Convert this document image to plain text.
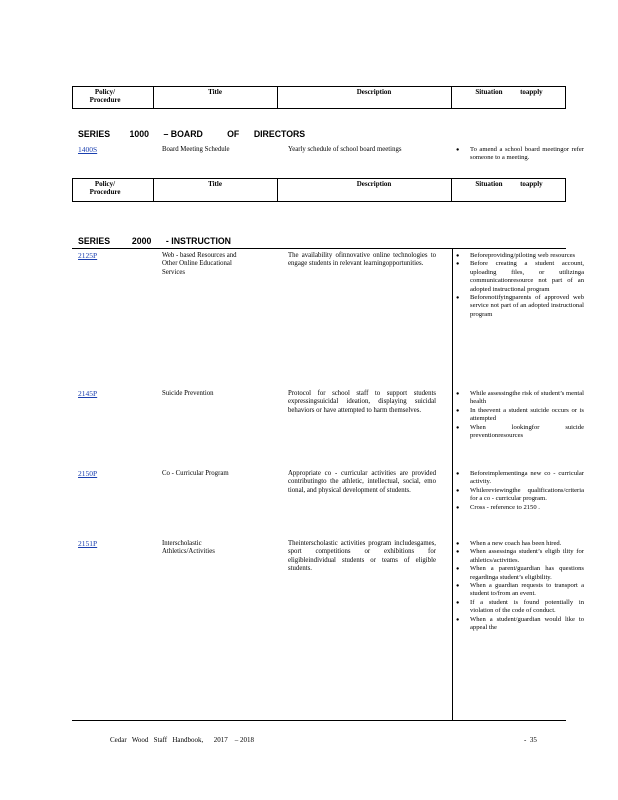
Policy/
Procedure
Title	Description	Situation          toapply
SERIES        1000      – BOARD          OF      DIRECTORS
1400S	Board Meeting Schedule	Yearly schedule of school board meetings
●	To amend a school board meetingor refer someone to a meeting.
Policy/
Procedure
Title	Description	Situation          toapply
SERIES         2000      - INSTRUCTION
2125P	Web - based Resources and Other Online Educational Services
The availability ofinnovative online technologies to engage students in relevant learningopportunities.
● Beforeproviding/piloting web resources
● Before creating a student account, uploading files, or utilizinga communicationresource not part of an adopted instructional program
● Beforenotifyingparents of approved web service not part of an adopted instructional program
2145P	Suicide Prevention	Protocol for school staff to support students expressingsuicidal ideation, displaying suicidal behaviors or have attempted to harm themselves.
● While assessingthe risk of student’s mental health
● In theevent a student suicide occurs or is attempted
● When lookingfor suicide preventionresources
2150P	Co - Curricular Program	Appropriate co - curricular activities are provided contributingto the athletic, intellectual, social, emo tional, and physical development of students.
● Beforeimplementinga new co - curricular activity.
● Whilereviewingthe qualifications/criteria for a co - curricular program.
● Cross - reference to 2150 .
2151P	Interscholastic Athletics/Activities
Theinterscholastic activities program includesgames, sport competitions or exhibitions for eligibleindividual students or teams of eligible students.
● When a new coach has been hired.
● When assessinga student’s eligib ility for athletics/activities.
● When a parent/guardian has questions regardinga student’s eligibility.
● When a guardian requests to transport a student to/from an event.
● If a student is found potentially in violation of the code of conduct.
● When a student/guardian would like to appeal the
Cedar   Wood   Staff   Handbook,      2017    – 2018	-  35
